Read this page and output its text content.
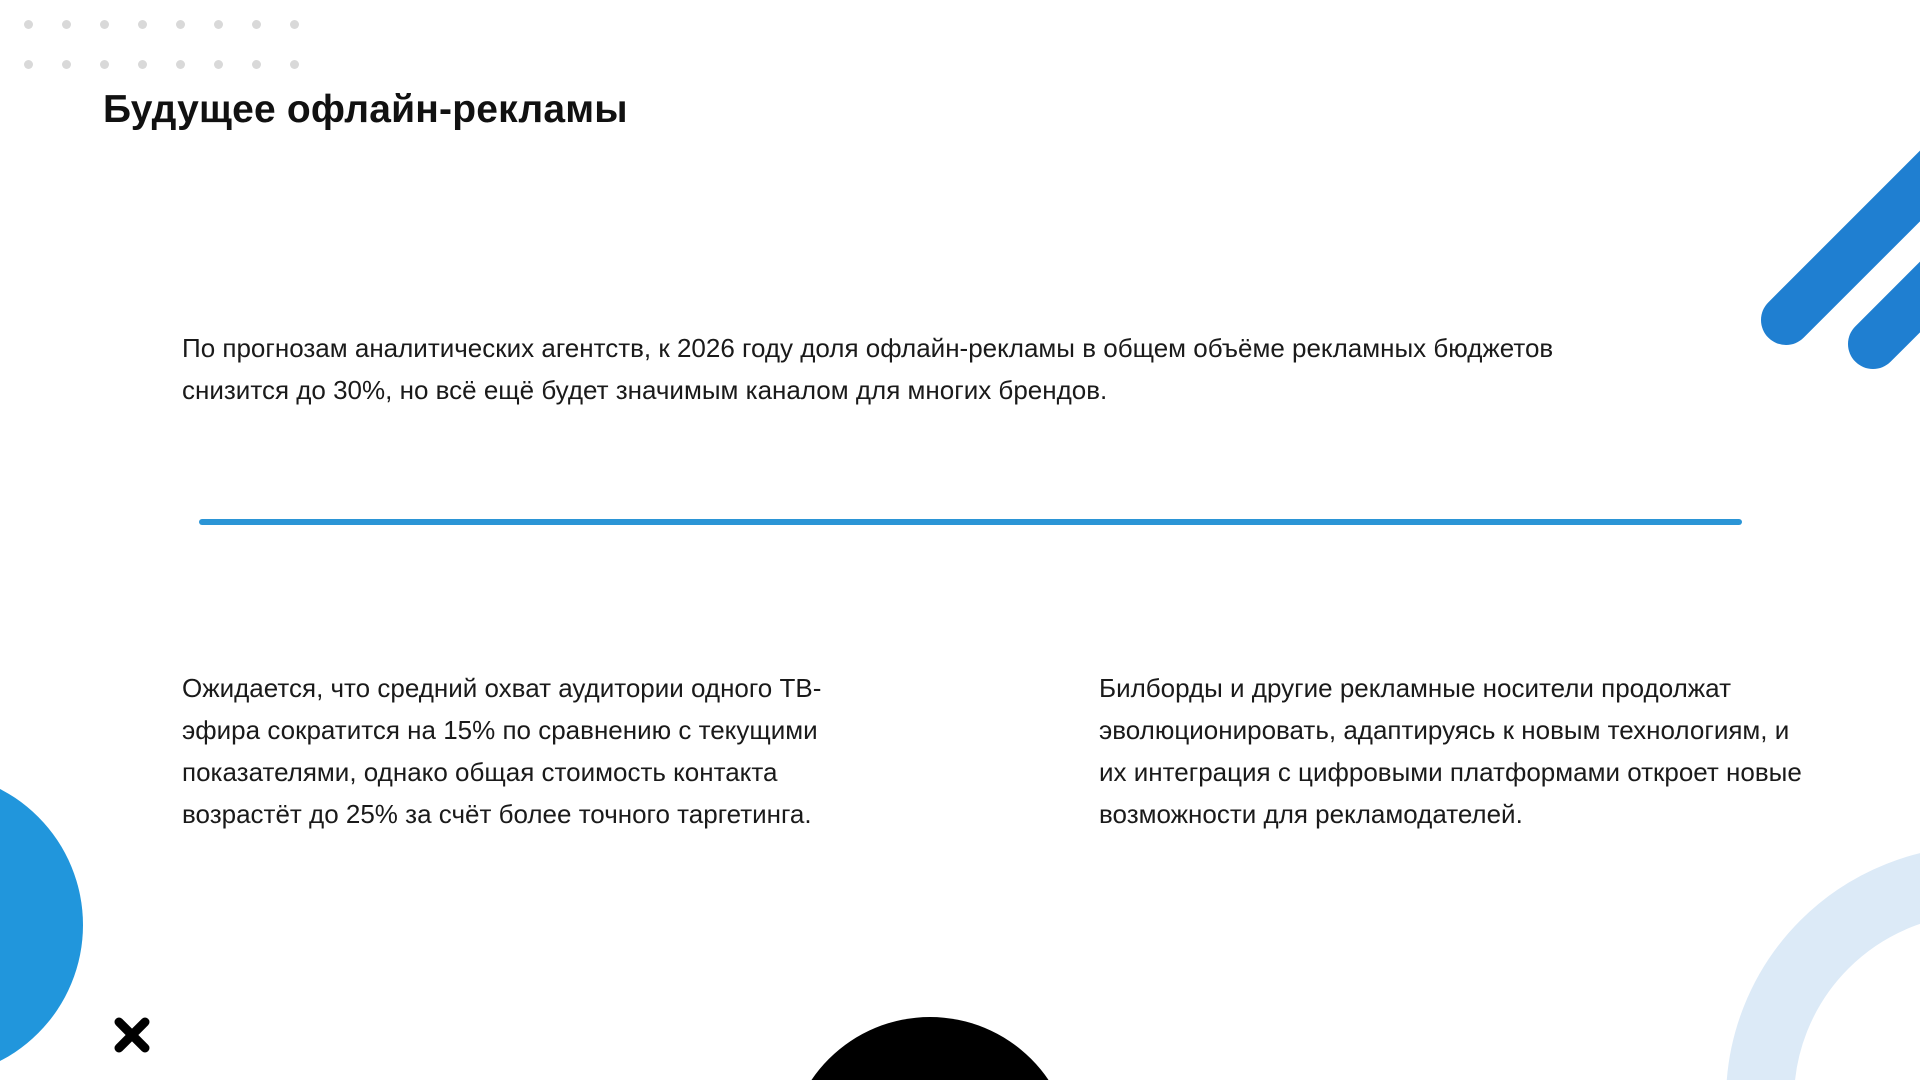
Будущее офлайн-рекламы

По прогнозам аналитических агентств, к 2026 году доля офлайн-рекламы в общем объёме рекламных бюджетов снизится до 30%, но всё ещё будет значимым каналом для многих брендов.

Ожидается, что средний охват аудитории одного ТВ-эфира сократится на 15% по сравнению с текущими показателями, однако общая стоимость контакта возрастёт до 25% за счёт более точного таргетинга.

Билборды и другие рекламные носители продолжат эволюционировать, адаптируясь к новым технологиям, и их интеграция с цифровыми платформами откроет новые возможности для рекламодателей.
